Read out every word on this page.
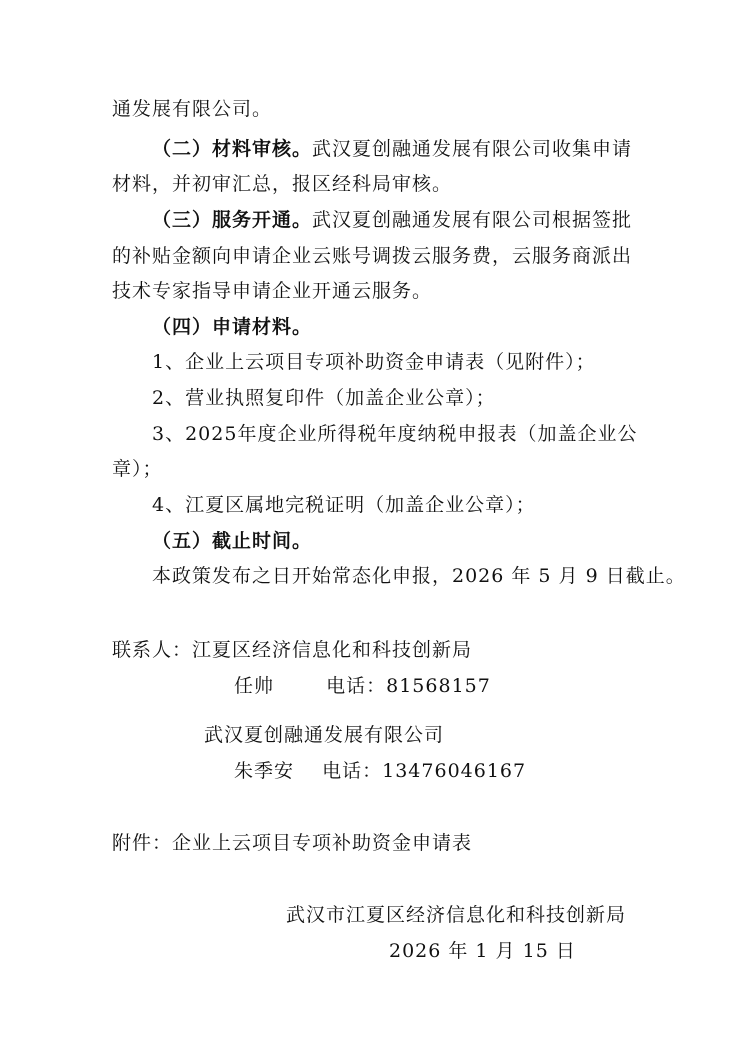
通发展有限公司。
（二）材料审核。武汉夏创融通发展有限公司收集申请
材料，并初审汇总，报区经科局审核。
（三）服务开通。武汉夏创融通发展有限公司根据签批
的补贴金额向申请企业云账号调拨云服务费，云服务商派出
技术专家指导申请企业开通云服务。
（四）申请材料。
1、企业上云项目专项补助资金申请表（见附件）；
2、营业执照复印件（加盖企业公章）；
3、2025年度企业所得税年度纳税申报表（加盖企业公
章）；
4、江夏区属地完税证明（加盖企业公章）；
（五）截止时间。
本政策发布之日开始常态化申报，2026 年 5 月 9 日截止。
联系人：江夏区经济信息化和科技创新局
任帅	电话：81568157
武汉夏创融通发展有限公司
朱季安 电话：13476046167
附件：企业上云项目专项补助资金申请表
武汉市江夏区经济信息化和科技创新局
2026 年 1 月 15 日
